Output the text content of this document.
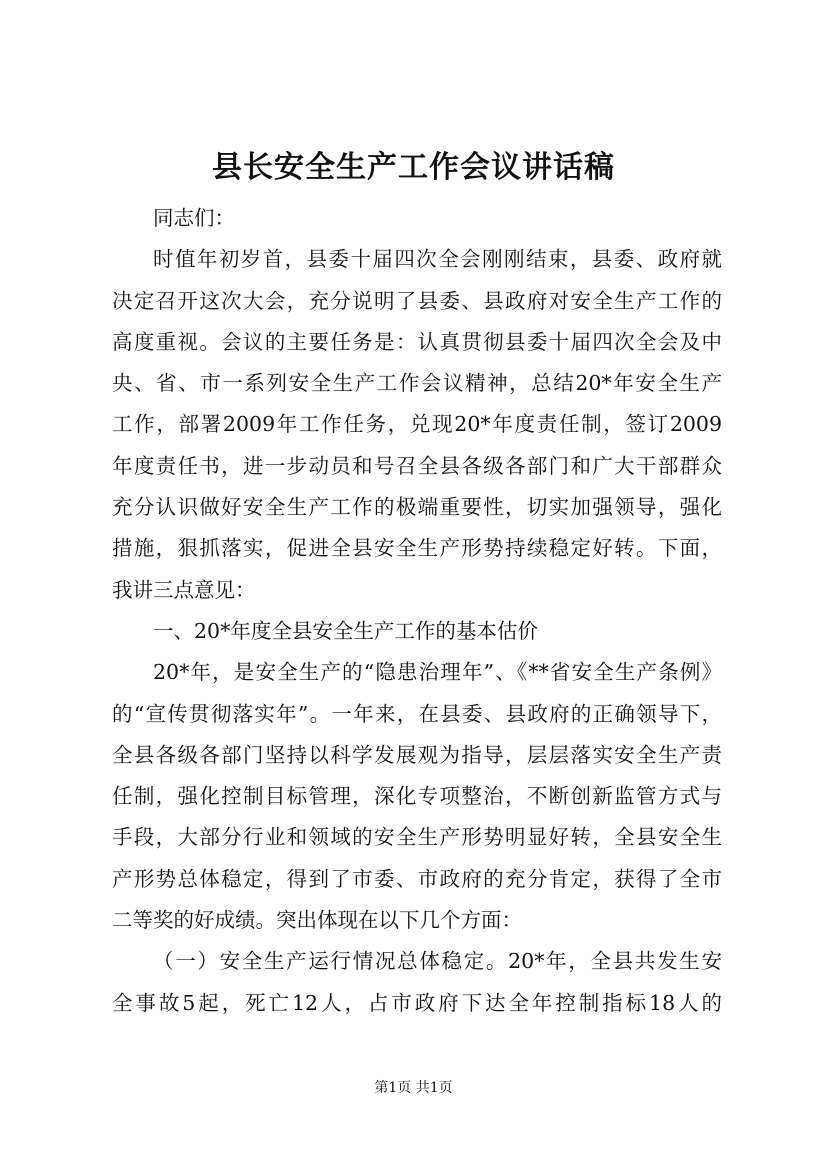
县长安全生产工作会议讲话稿
同志们：
时值年初岁首，县委十届四次全会刚刚结束，县委、政府就
决定召开这次大会，充分说明了县委、县政府对安全生产工作的
高度重视。会议的主要任务是：认真贯彻县委十届四次全会及中
央、省、市一系列安全生产工作会议精神，总结20*年安全生产
工作，部署2009年工作任务，兑现20*年度责任制，签订2009
年度责任书，进一步动员和号召全县各级各部门和广大干部群众
充分认识做好安全生产工作的极端重要性，切实加强领导，强化
措施，狠抓落实，促进全县安全生产形势持续稳定好转。下面，
我讲三点意见：
一、20*年度全县安全生产工作的基本估价
20*年，是安全生产的“隐患治理年”、《**省安全生产条例》
的“宣传贯彻落实年”。一年来，在县委、县政府的正确领导下，
全县各级各部门坚持以科学发展观为指导，层层落实安全生产责
任制，强化控制目标管理，深化专项整治，不断创新监管方式与
手段，大部分行业和领域的安全生产形势明显好转，全县安全生
产形势总体稳定，得到了市委、市政府的充分肯定，获得了全市
二等奖的好成绩。突出体现在以下几个方面：
（一）安全生产运行情况总体稳定。20*年，全县共发生安
全事故5起，死亡12人，占市政府下达全年控制指标18人的
第1页 共1页
